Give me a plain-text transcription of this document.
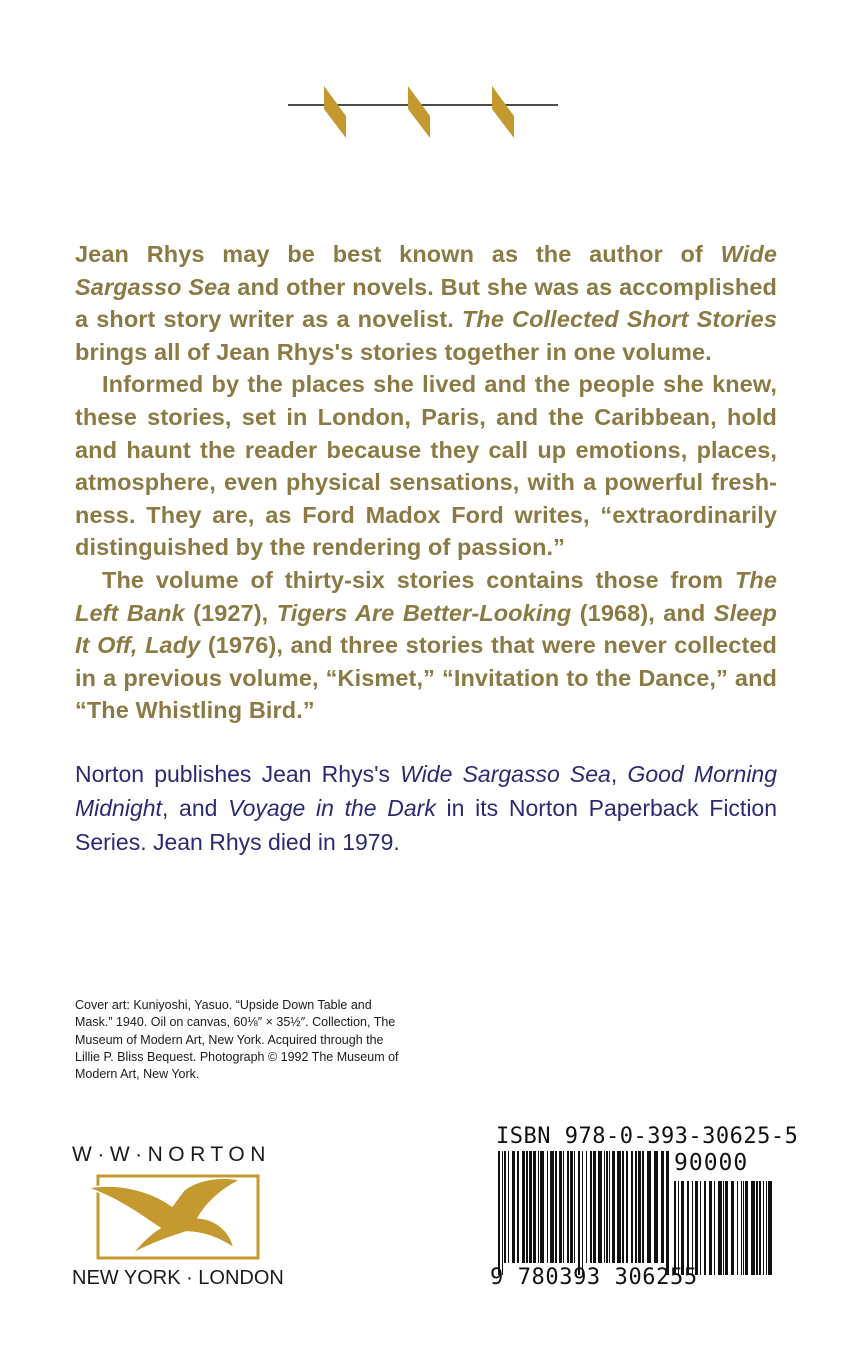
Jean Rhys may be best known as the author of Wide Sargasso Sea and other novels. But she was as accomplished a short story writer as a novelist. The Collected Short Stories brings all of Jean Rhys's stories together in one volume.

Informed by the places she lived and the people she knew, these stories, set in London, Paris, and the Caribbean, hold and haunt the reader because they call up emotions, places, atmosphere, even physical sensations, with a powerful freshness. They are, as Ford Madox Ford writes, “extraordinarily distinguished by the rendering of passion.”

The volume of thirty-six stories contains those from The Left Bank (1927), Tigers Are Better-Looking (1968), and Sleep It Off, Lady (1976), and three stories that were never collected in a previous volume, “Kismet,” “Invitation to the Dance,” and “The Whistling Bird.”

Norton publishes Jean Rhys's Wide Sargasso Sea, Good Morning Midnight, and Voyage in the Dark in its Norton Paperback Fiction Series. Jean Rhys died in 1979.

Cover art: Kuniyoshi, Yasuo. “Upside Down Table and Mask.” 1940. Oil on canvas, 60⅛″ × 35½″. Collection, The Museum of Modern Art, New York. Acquired through the Lillie P. Bliss Bequest. Photograph © 1992 The Museum of Modern Art, New York.
W·W·NORTON
NEW YORK · LONDON
ISBN 978-0-393-30625-5
90000
9 780393 306255
